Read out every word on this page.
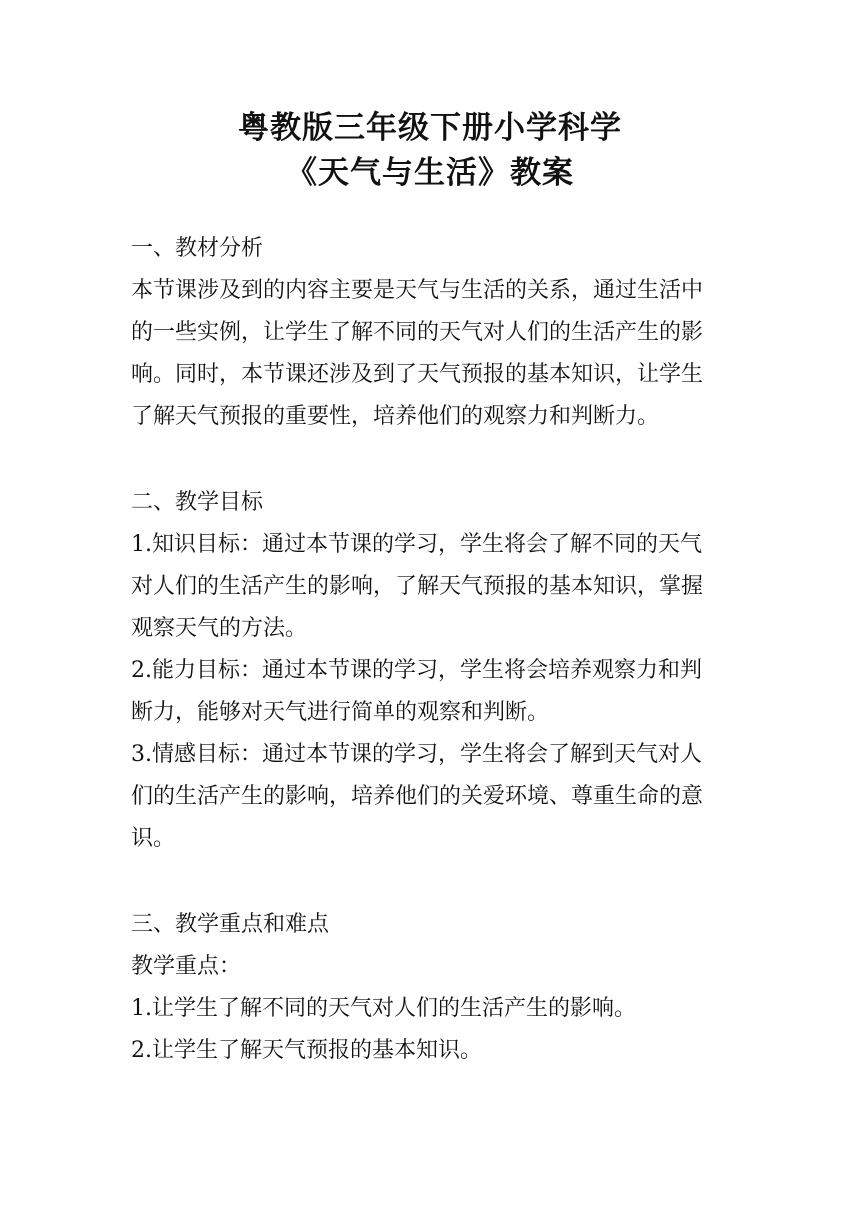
粤教版三年级下册小学科学
《天气与生活》教案
一、教材分析
本节课涉及到的内容主要是天气与生活的关系，通过生活中
的一些实例，让学生了解不同的天气对人们的生活产生的影
响。同时，本节课还涉及到了天气预报的基本知识，让学生
了解天气预报的重要性，培养他们的观察力和判断力。
二、教学目标
1.知识目标：通过本节课的学习，学生将会了解不同的天气
对人们的生活产生的影响，了解天气预报的基本知识，掌握
观察天气的方法。
2.能力目标：通过本节课的学习，学生将会培养观察力和判
断力，能够对天气进行简单的观察和判断。
3.情感目标：通过本节课的学习，学生将会了解到天气对人
们的生活产生的影响，培养他们的关爱环境、尊重生命的意
识。
三、教学重点和难点
教学重点：
1.让学生了解不同的天气对人们的生活产生的影响。
2.让学生了解天气预报的基本知识。
